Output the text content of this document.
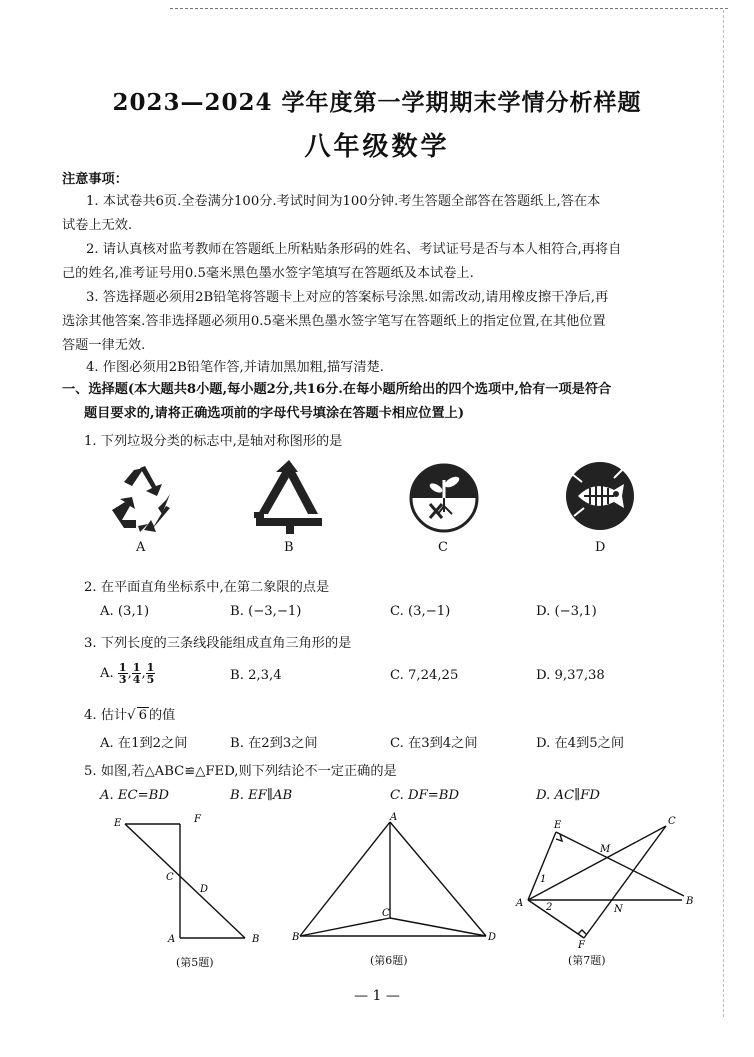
2023—2024 学年度第一学期期末学情分析样题
八年级数学
注意事项：
1. 本试卷共6页.全卷满分100分.考试时间为100分钟.考生答题全部答在答题纸上,答在本
试卷上无效.
2. 请认真核对监考教师在答题纸上所粘贴条形码的姓名、考试证号是否与本人相符合,再将自
己的姓名,准考证号用0.5毫米黑色墨水签字笔填写在答题纸及本试卷上.
3. 答选择题必须用2B铅笔将答题卡上对应的答案标号涂黑.如需改动,请用橡皮擦干净后,再
选涂其他答案.答非选择题必须用0.5毫米黑色墨水签字笔写在答题纸上的指定位置,在其他位置
答题一律无效.
4. 作图必须用2B铅笔作答,并请加黑加粗,描写清楚.
一、选择题(本大题共8小题,每小题2分,共16分.在每小题所给出的四个选项中,恰有一项是符合
题目要求的,请将正确选项前的字母代号填涂在答题卡相应位置上)
1. 下列垃圾分类的标志中,是轴对称图形的是
A	B	C	D
2. 在平面直角坐标系中,在第二象限的点是
A. (3,1)	B. (−3,−1)	C. (3,−1)	D. (−3,1)
3. 下列长度的三条线段能组成直角三角形的是
A. $\frac{1}{3}$ , $\frac{1}{4}$ , $\frac{1}{5}$	B. 2,3,4	C. 7,24,25	D. 9,37,38
4. 估计√ 6 的值
A. 在1到2之间	B. 在2到3之间	C. 在3到4之间	D. 在4到5之间
5. 如图,若△ABC≌△FED,则下列结论不一定正确的是
A. EC=BD	B. EF∥AB	C. DF=BD	D. AC∥FD
E	F
C
D
A	B
(第5题)
A
B
C
D
(第6题)
E	C
M
1
A 2	N
B
F
(第7题)
— 1 —
